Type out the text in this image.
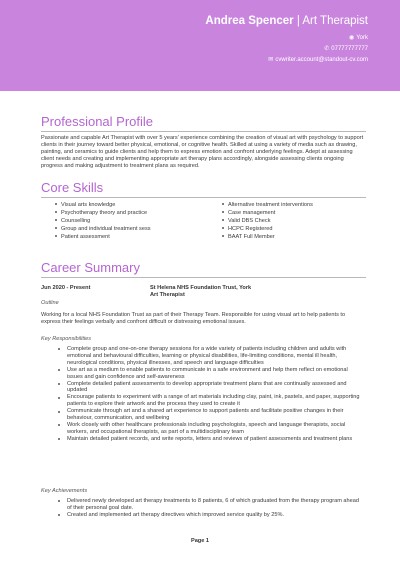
Andrea Spencer | Art Therapist
◉ York
✆ 07777777777
✉ cvwriter.account@standout-cv.com
Professional Profile
Passionate and capable Art Therapist with over 5 years' experience combining the creation of visual art with psychology to support clients in their journey toward better physical, emotional, or cognitive health. Skilled at using a variety of media such as drawing, painting, and ceramics to guide clients and help them to express emotion and confront underlying feelings. Adept at assessing client needs and creating and implementing appropriate art therapy plans accordingly, alongside assessing clients ongoing progress and making adjustment to treatment plans as required.
Core Skills
Visual arts knowledge
Psychotherapy theory and practice
Counselling
Group and individual treatment sess
Patient assessment
Alternative treatment interventions
Case management
Valid DBS Check
HCPC Registered
BAAT Full Member
Career Summary
Jun 2020 - Present	St Helena NHS Foundation Trust, York
Art Therapist
Outline
Working for a local NHS Foundation Trust as part of their Therapy Team. Responsible for using visual art to help patients to express their feelings verbally and confront difficult or distressing emotional issues.
Key Responsibilities
Complete group and one-on-one therapy sessions for a wide variety of patients including children and adults with emotional and behavioural difficulties, learning or physical disabilities, life-limiting conditions, mental ill health, neurological conditions, physical illnesses, and speech and language difficulties
Use art as a medium to enable patients to communicate in a safe environment and help them reflect on emotional issues and gain confidence and self-awareness
Complete detailed patient assessments to develop appropriate treatment plans that are continually assessed and updated
Encourage patients to experiment with a range of art materials including clay, paint, ink, pastels, and paper, supporting patients to explore their artwork and the process they used to create it
Communicate through art and a shared art experience to support patients and facilitate positive changes in their behaviour, communication, and wellbeing
Work closely with other healthcare professionals including psychologists, speech and language therapists, social workers, and occupational therapists, as part of a multidisciplinary team
Maintain detailed patient records, and write reports, letters and reviews of patient assessments and treatment plans
Key Achievements
Delivered newly developed art therapy treatments to 8 patients, 6 of which graduated from the therapy program ahead of their personal goal date.
Created and implemented art therapy directives which improved service quality by 25%.
Page 1
